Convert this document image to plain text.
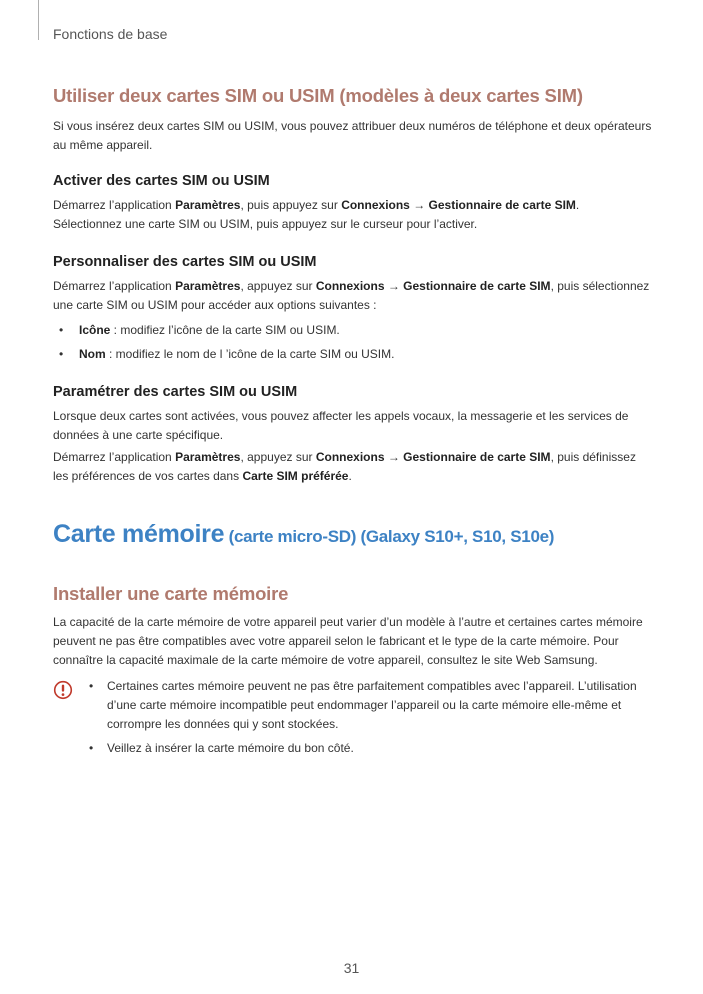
Fonctions de base
Utiliser deux cartes SIM ou USIM (modèles à deux cartes SIM)

Si vous insérez deux cartes SIM ou USIM, vous pouvez attribuer deux numéros de téléphone et deux opérateurs au même appareil.

Activer des cartes SIM ou USIM

Démarrez l’application Paramètres, puis appuyez sur Connexions → Gestionnaire de carte SIM.

Sélectionnez une carte SIM ou USIM, puis appuyez sur le curseur pour l’activer.

Personnaliser des cartes SIM ou USIM

Démarrez l’application Paramètres, appuyez sur Connexions → Gestionnaire de carte SIM, puis sélectionnez une carte SIM ou USIM pour accéder aux options suivantes :

• Icône : modifiez l’icône de la carte SIM ou USIM.
• Nom : modifiez le nom de l ’icône de la carte SIM ou USIM.
Paramétrer des cartes SIM ou USIM

Lorsque deux cartes sont activées, vous pouvez affecter les appels vocaux, la messagerie et les services de données à une carte spécifique.

Démarrez l’application Paramètres, appuyez sur Connexions → Gestionnaire de carte SIM, puis définissez les préférences de vos cartes dans Carte SIM préférée.

Carte mémoire (carte micro-SD) (Galaxy S10+, S10, S10e)
Installer une carte mémoire

La capacité de la carte mémoire de votre appareil peut varier d’un modèle à l’autre et certaines cartes mémoire peuvent ne pas être compatibles avec votre appareil selon le fabricant et le type de la carte mémoire. Pour connaître la capacité maximale de la carte mémoire de votre appareil, consultez le site Web Samsung.

• Certaines cartes mémoire peuvent ne pas être parfaitement compatibles avec l’appareil. L’utilisation d’une carte mémoire incompatible peut endommager l’appareil ou la carte mémoire elle-même et corrompre les données qui y sont stockées.
• Veillez à insérer la carte mémoire du bon côté.
31
